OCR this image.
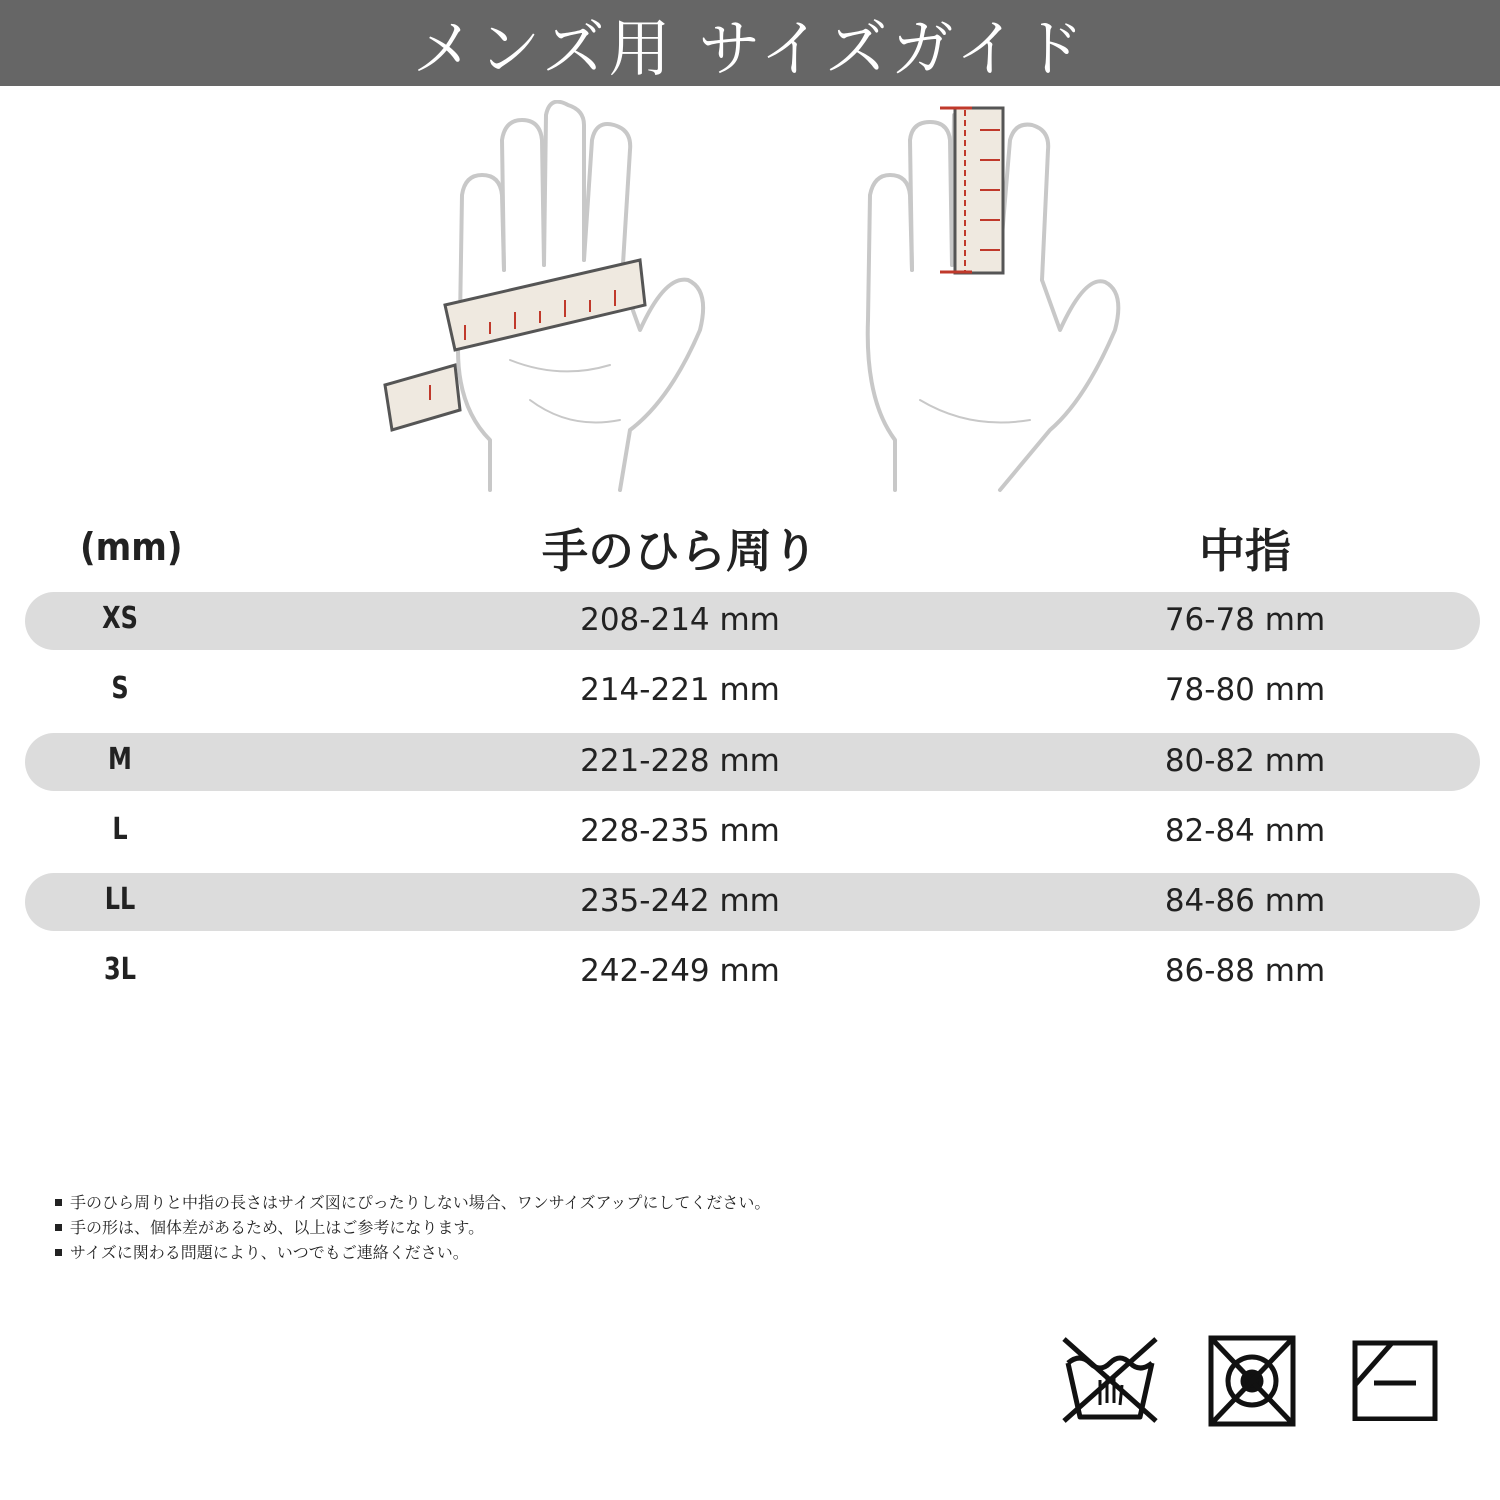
メンズ用 サイズガイド
(mm)	手のひら周り	中指
XS	208-214 mm	76-78 mm
S	214-221 mm	78-80 mm
M	221-228 mm	80-82 mm
L	228-235 mm	82-84 mm
LL	235-242 mm	84-86 mm
3L	242-249 mm	86-88 mm
手のひら周りと中指の長さはサイズ図にぴったりしない場合、ワンサイズアップにしてください。
手の形は、個体差があるため、以上はご参考になります。
サイズに関わる問題により、いつでもご連絡ください。
